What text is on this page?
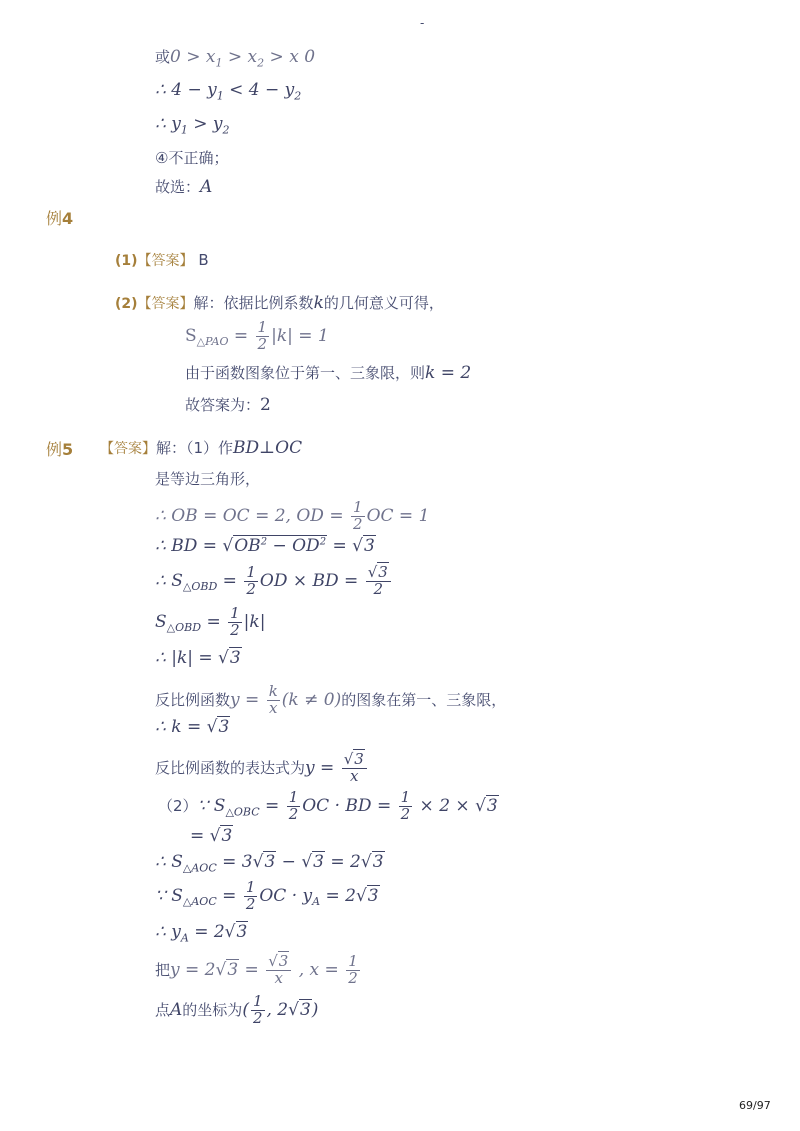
-
或$0 > x_1 > x_2 > x$ 0
∴ $4 - y_1 < 4 - y_2$
∴ $y_1 > y_2$
④不正确；
故选：A
例4
(1)【答案】 B
(2)【答案】解：依据比例系数k的几何意义可得，
$S_{\triangle PAO} = \frac{1}{2} |k| = 1$
由于函数图象位于第一、三象限，则k = 2
故答案为：2
例5 【答案】解：（1）作BD⊥OC
是等边三角形，
∴ OB = OC = 2, OD = $\frac{1}{2}$ OC = 1
∴ BD = $√OB^2 - OD^2 = √3$
∴ $S_{\triangle OBD} = \frac{1}{2}$ OD × BD = $\frac{√3}{2}$
$S_{\triangle OBD} = \frac{1}{2} |k|$
∴ |k| = √3
反比例函数$y = \frac{k}{x} (k \ne 0)$的图象在第一、三象限，
∴ k = √3
反比例函数的表达式为$y = \frac{√3}{x}$
（2）∵ $S_{\triangle OBC} = \frac{1}{2}$ OC · BD = $\frac{1}{2} \times 2 \times √3$
= √3
∴ $S_{\triangle AOC} = 3√3 - √3 = 2√3$
∵ $S_{\triangle AOC} = \frac{1}{2}$ OC · $y_A = 2√3$
∴ $y_A = 2√3$
把$y = 2√3 = \frac{√3}{x}$ , $x = \frac{1}{2}$
点A的坐标为( $\frac{1}{2}$ , 2√3)
69/97
